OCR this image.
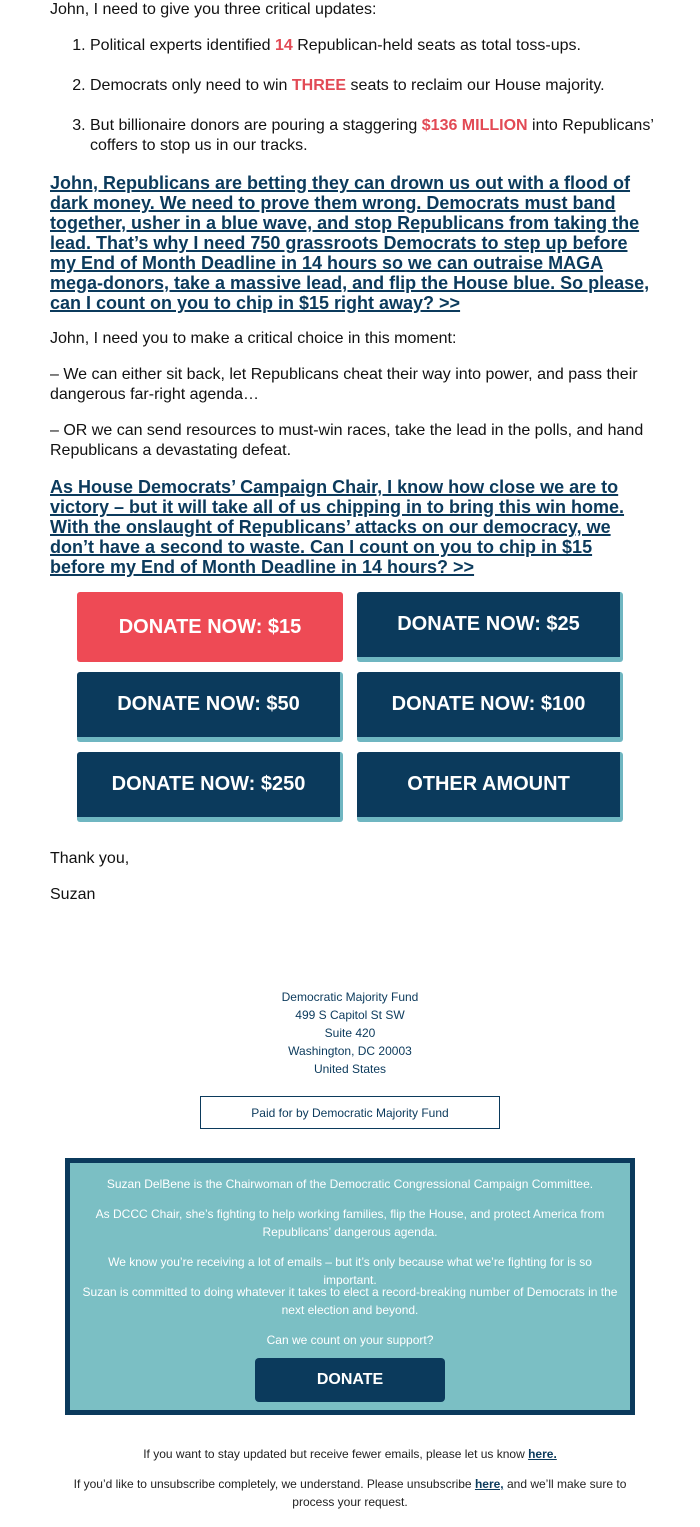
John, I need to give you three critical updates:

1. Political experts identified 14 Republican-held seats as total toss-ups.
2. Democrats only need to win THREE seats to reclaim our House majority.
3. But billionaire donors are pouring a staggering $136 MILLION into Republicans’ coffers to stop us in our tracks.
John, Republicans are betting they can drown us out with a flood of dark money. We need to prove them wrong. Democrats must band together, usher in a blue wave, and stop Republicans from taking the lead. That’s why I need 750 grassroots Democrats to step up before my End of Month Deadline in 14 hours so we can outraise MAGA mega-donors, take a massive lead, and flip the House blue. So please, can I count on you to chip in $15 right away? >>

John, I need you to make a critical choice in this moment:

– We can either sit back, let Republicans cheat their way into power, and pass their dangerous far-right agenda…

– OR we can send resources to must-win races, take the lead in the polls, and hand Republicans a devastating defeat.

As House Democrats’ Campaign Chair, I know how close we are to victory – but it will take all of us chipping in to bring this win home. With the onslaught of Republicans’ attacks on our democracy, we don’t have a second to waste. Can I count on you to chip in $15 before my End of Month Deadline in 14 hours? >>
DONATE NOW: $15	DONATE NOW: $25
DONATE NOW: $50	DONATE NOW: $100
DONATE NOW: $250	OTHER AMOUNT

Thank you,

Suzan

Democratic Majority Fund
499 S Capitol St SW
Suite 420
Washington, DC 20003
United States
Paid for by Democratic Majority Fund

Suzan DelBene is the Chairwoman of the Democratic Congressional Campaign Committee.

As DCCC Chair, she’s fighting to help working families, flip the House, and protect America from Republicans’ dangerous agenda.

We know you’re receiving a lot of emails – but it’s only because what we’re fighting for is so important.

Suzan is committed to doing whatever it takes to elect a record-breaking number of Democrats in the next election and beyond.

Can we count on your support?

DONATE
If you want to stay updated but receive fewer emails, please let us know here.
If you’d like to unsubscribe completely, we understand. Please unsubscribe here, and we’ll make sure to process your request.
